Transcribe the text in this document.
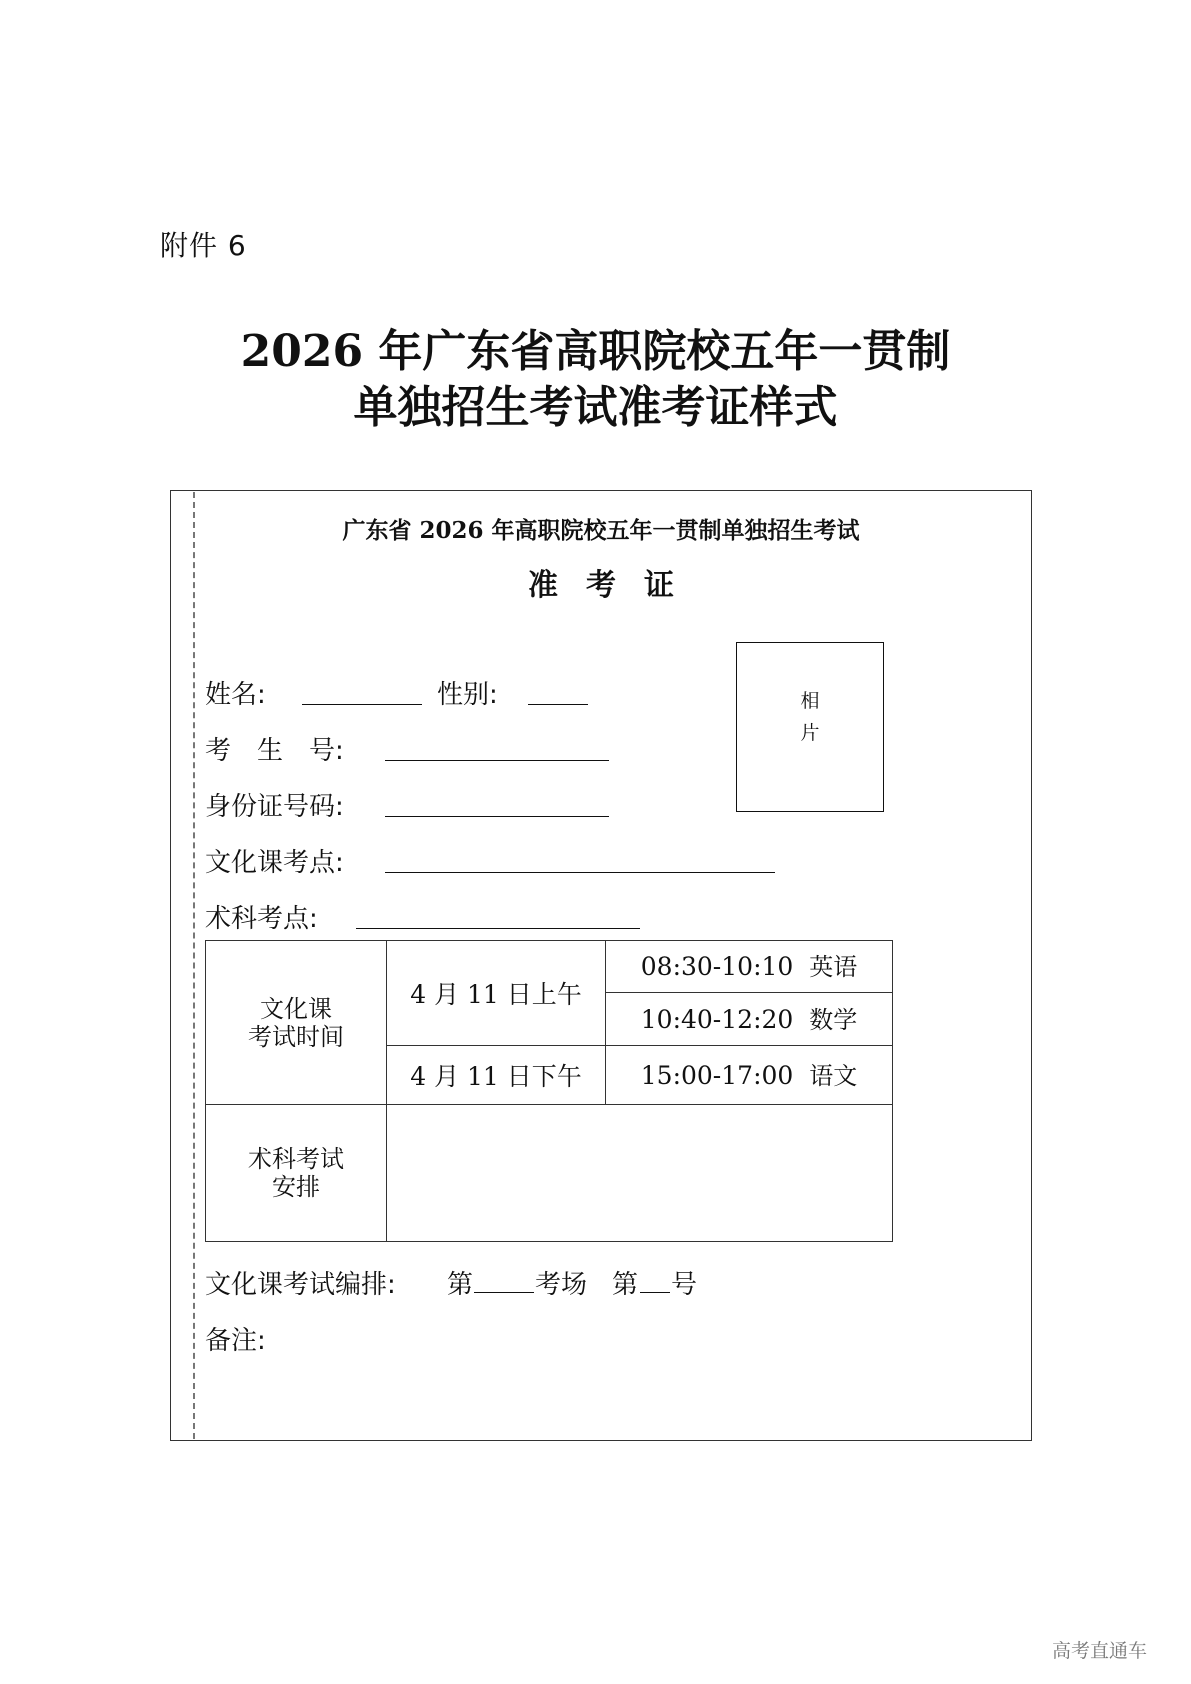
附件 6
2026 年广东省高职院校五年一贯制
单独招生考试准考证样式
广东省 2026 年高职院校五年一贯制单独招生考试
准考证
相
片
姓名:	性别:
考　生　号:
身份证号码:
文化课考点:
术科考点:
文化课
考试时间	4 月 11 日上午	08:30-10:10 英语
		10:40-12:20 数学
	4 月 11 日下午	15:00-17:00 语文

术科考试
安排		

文化课考试编排: 第 考场 第 号
备注:
高考直通车
